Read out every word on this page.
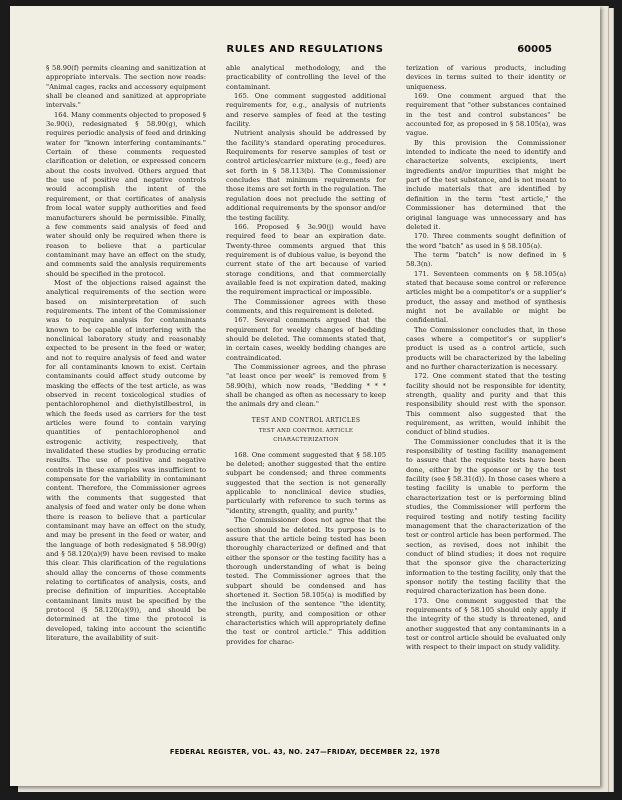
RULES AND REGULATIONS	60005

§ 58.90(f) permits cleaning and sanitization at appropriate intervals. The section now reads: "Animal cages, racks and accessory equipment shall be cleaned and sanitized at appropriate intervals."

164. Many comments objected to proposed § 3e.90(i), redesignated § 58.90(g), which requires periodic analysis of feed and drinking water for "known interfering contaminants." Certain of these comments requested clarification or deletion, or expressed concern about the costs involved. Others argued that the use of positive and negative controls would accomplish the intent of the requirement, or that certificates of analysis from local water supply authorities and feed manufacturers should be permissible. Finally, a few comments said analysis of feed and water should only be required when there is reason to believe that a particular contaminant may have an effect on the study, and comments said the analysis requirements should be specified in the protocol.

Most of the objections raised against the analytical requirements of the section were based on misinterpretation of such requirements. The intent of the Commissioner was to require analysis for contaminants known to be capable of interfering with the nonclinical laboratory study and reasonably expected to be present in the feed or water, and not to require analysis of feed and water for all contaminants known to exist. Certain contaminants could affect study outcome by masking the effects of the test article, as was observed in recent toxicological studies of pentachlorophenol and diethylstilbestrol, in which the feeds used as carriers for the test articles were found to contain varying quantities of pentachlorophenol and estrogenic activity, respectively, that invalidated these studies by producing erratic results. The use of positive and negative controls in these examples was insufficient to compensate for the variability in contaminant content. Therefore, the Commissioner agrees with the comments that suggested that analysis of feed and water only be done when there is reason to believe that a particular contaminant may have an effect on the study, and may be present in the feed or water, and the language of both redesignated § 58.90(g) and § 58.120(a)(9) have been revised to make this clear. This clarification of the regulations should allay the concerns of those comments relating to certificates of analysis, costs, and precise definition of impurities. Acceptable contaminant limits must be specified by the protocol (§ 58.120(a)(9)), and should be determined at the time the protocol is developed, taking into account the scientific literature, the availability of suit-

able analytical methodology, and the practicability of controlling the level of the contaminant.

165. One comment suggested additional requirements for, e.g., analysis of nutrients and reserve samples of feed at the testing facility.

Nutrient analysis should be addressed by the facility's standard operating procedures. Requirements for reserve samples of test or control articles/carrier mixture (e.g., feed) are set forth in § 58.113(b). The Commissioner concludes that minimum requirements for those items are set forth in the regulation. The regulation does not preclude the setting of additional requirements by the sponsor and/or the testing facility.

166. Proposed § 3e.90(j) would have required feed to bear an expiration date. Twenty-three comments argued that this requirement is of dubious value, is beyond the current state of the art because of varied storage conditions, and that commercially available feed is not expiration dated, making the requirement impractical or impossible.

The Commissioner agrees with these comments, and this requirement is deleted.

167. Several comments argued that the requirement for weekly changes of bedding should be deleted. The comments stated that, in certain cases, weekly bedding changes are contraindicated.

The Commissioner agrees, and the phrase "at least once per week" is removed from § 58.90(h), which now reads, "Bedding * * * shall be changed as often as necessary to keep the animals dry and clean."

TEST AND CONTROL ARTICLES
TEST AND CONTROL ARTICLE CHARACTERIZATION

168. One comment suggested that § 58.105 be deleted; another suggested that the entire subpart be condensed; and three comments suggested that the section is not generally applicable to nonclinical device studies, particularly with reference to such terms as "identity, strength, quality, and purity."

The Commissioner does not agree that the section should be deleted. Its purpose is to assure that the article being tested has been thoroughly characterized or defined and that either the sponsor or the testing facility has a thorough understanding of what is being tested. The Commissioner agrees that the subpart should be condensed and has shortened it. Section 58.105(a) is modified by the inclusion of the sentence "the identity, strength, purity, and composition or other characteristics which will appropriately define the test or control article." This addition provides for charac-

terization of various products, including devices in terms suited to their identity or uniqueness.

169. One comment argued that the requirement that "other substances contained in the test and control substances" be accounted for, as proposed in § 58.105(a), was vague.

By this provision the Commissioner intended to indicate the need to identify and characterize solvents, excipients, inert ingredients and/or impurities that might be part of the test substance, and is not meant to include materials that are identified by definition in the term "test article," the Commissioner has determined that the original language was unnecessary and has deleted it.

170. Three comments sought definition of the word "batch" as used in § 58.105(a).

The term "batch" is now defined in § 58.3(n).

171. Seventeen comments on § 58.105(a) stated that because some control or reference articles might be a competitor's or a supplier's product, the assay and method of synthesis might not be available or might be confidential.

The Commissioner concludes that, in those cases where a competitor's or supplier's product is used as a control article, such products will be characterized by the labeling and no further characterization is necessary.

172. One comment stated that the testing facility should not be responsible for identity, strength, quality and purity and that this responsibility should rest with the sponsor. This comment also suggested that the requirement, as written, would inhibit the conduct of blind studies.

The Commissioner concludes that it is the responsibility of testing facility management to assure that the requisite tests have been done, either by the sponsor or by the test facility (see § 58.31(d)). In those cases where a testing facility is unable to perform the characterization test or is performing blind studies, the Commissioner will perform the required testing and notify testing facility management that the characterization of the test or control article has been performed. The section, as revised, does not inhibit the conduct of blind studies; it does not require that the sponsor give the characterizing information to the testing facility, only that the sponsor notify the testing facility that the required characterization has been done.

173. One comment suggested that the requirements of § 58.105 should only apply if the integrity of the study is threatened, and another suggested that any contaminants in a test or control article should be evaluated only with respect to their impact on study validity.

FEDERAL REGISTER, VOL. 43, NO. 247—FRIDAY, DECEMBER 22, 1978
